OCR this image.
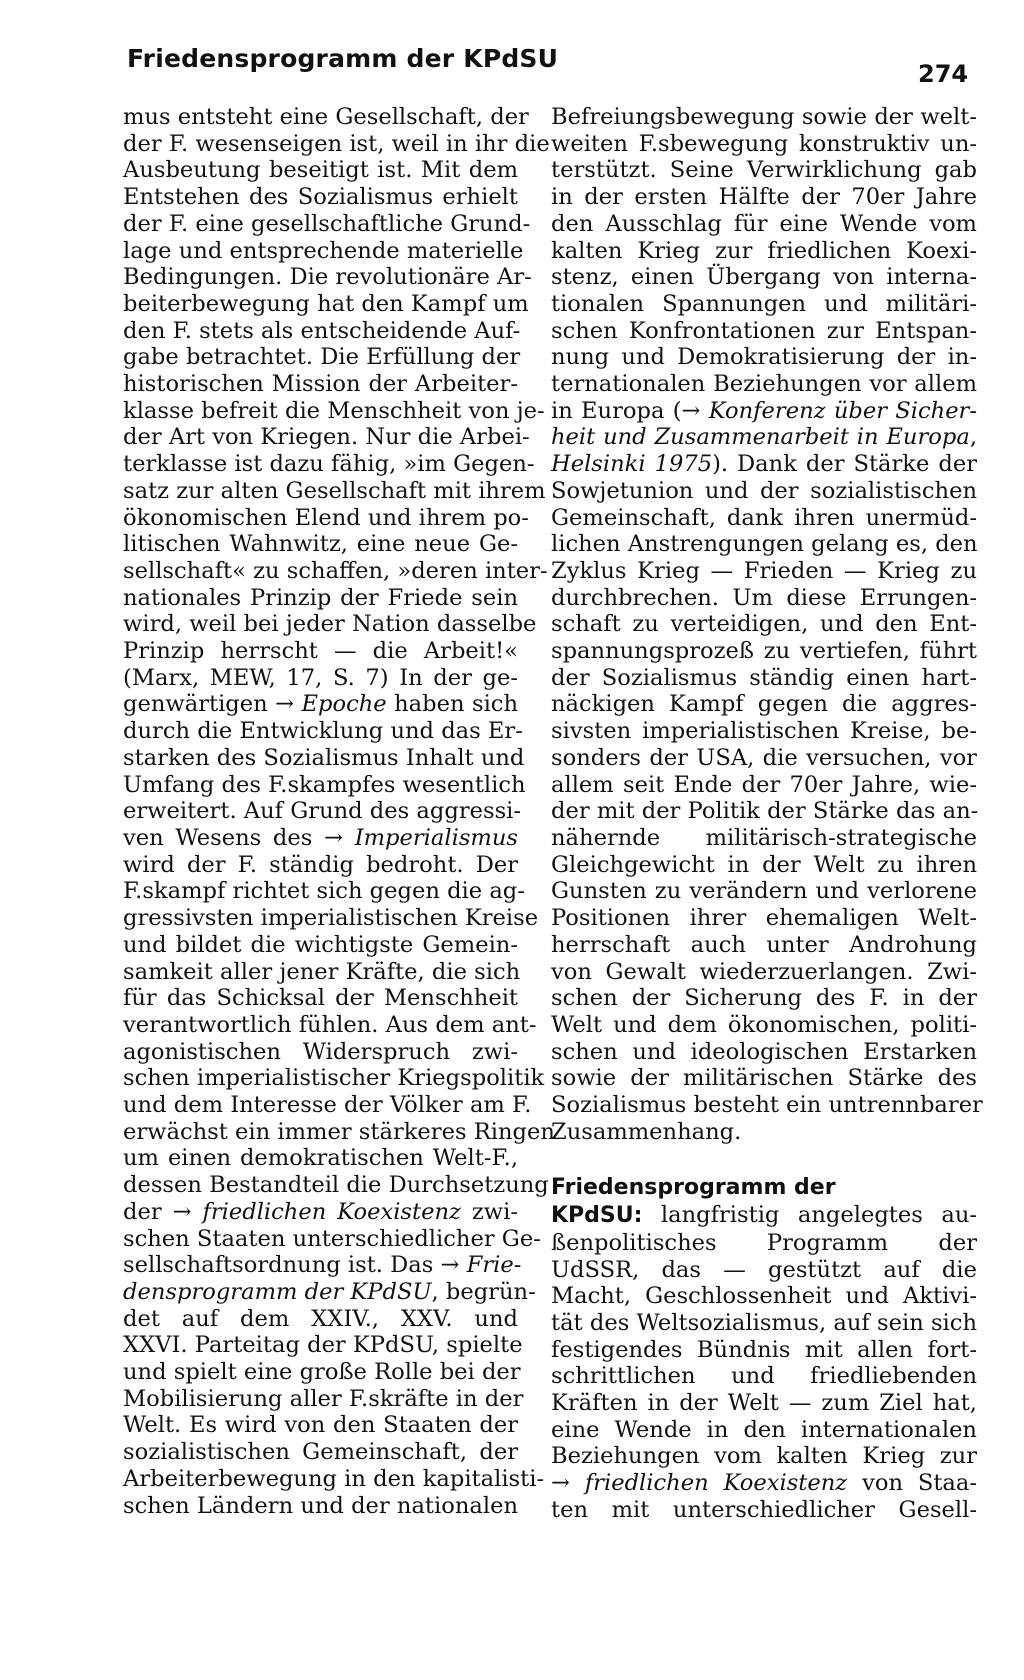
Friedensprogramm der KPdSU
274
mus entsteht eine Gesellschaft, der
der F. wesenseigen ist, weil in ihr die
Ausbeutung beseitigt ist. Mit dem
Entstehen des Sozialismus erhielt
der F. eine gesellschaftliche Grund-
lage und entsprechende materielle
Bedingungen. Die revolutionäre Ar-
beiterbewegung hat den Kampf um
den F. stets als entscheidende Auf-
gabe betrachtet. Die Erfüllung der
historischen Mission der Arbeiter-
klasse befreit die Menschheit von je-
der Art von Kriegen. Nur die Arbei-
terklasse ist dazu fähig, »im Gegen-
satz zur alten Gesellschaft mit ihrem
ökonomischen Elend und ihrem po-
litischen Wahnwitz, eine neue Ge-
sellschaft« zu schaffen, »deren inter-
nationales Prinzip der Friede sein
wird, weil bei jeder Nation dasselbe
Prinzip herrscht — die Arbeit!«
(Marx, MEW, 17, S. 7) In der ge-
genwärtigen → Epoche haben sich
durch die Entwicklung und das Er-
starken des Sozialismus Inhalt und
Umfang des F.skampfes wesentlich
erweitert. Auf Grund des aggressi-
ven Wesens des → Imperialismus
wird der F. ständig bedroht. Der
F.skampf richtet sich gegen die ag-
gressivsten imperialistischen Kreise
und bildet die wichtigste Gemein-
samkeit aller jener Kräfte, die sich
für das Schicksal der Menschheit
verantwortlich fühlen. Aus dem ant-
agonistischen Widerspruch zwi-
schen imperialistischer Kriegspolitik
und dem Interesse der Völker am F.
erwächst ein immer stärkeres Ringen
um einen demokratischen Welt-F.,
dessen Bestandteil die Durchsetzung
der → friedlichen Koexistenz zwi-
schen Staaten unterschiedlicher Ge-
sellschaftsordnung ist. Das → Frie-
densprogramm der KPdSU, begrün-
det auf dem XXIV., XXV. und
XXVI. Parteitag der KPdSU, spielte
und spielt eine große Rolle bei der
Mobilisierung aller F.skräfte in der
Welt. Es wird von den Staaten der
sozialistischen Gemeinschaft, der
Arbeiterbewegung in den kapitalisti-
schen Ländern und der nationalen
Befreiungsbewegung sowie der welt-
weiten F.sbewegung konstruktiv un-
terstützt. Seine Verwirklichung gab
in der ersten Hälfte der 70er Jahre
den Ausschlag für eine Wende vom
kalten Krieg zur friedlichen Koexi-
stenz, einen Übergang von interna-
tionalen Spannungen und militäri-
schen Konfrontationen zur Entspan-
nung und Demokratisierung der in-
ternationalen Beziehungen vor allem
in Europa (→ Konferenz über Sicher-
heit und Zusammenarbeit in Europa,
Helsinki 1975). Dank der Stärke der
Sowjetunion und der sozialistischen
Gemeinschaft, dank ihren unermüd-
lichen Anstrengungen gelang es, den
Zyklus Krieg — Frieden — Krieg zu
durchbrechen. Um diese Errungen-
schaft zu verteidigen, und den Ent-
spannungsprozeß zu vertiefen, führt
der Sozialismus ständig einen hart-
näckigen Kampf gegen die aggres-
sivsten imperialistischen Kreise, be-
sonders der USA, die versuchen, vor
allem seit Ende der 70er Jahre, wie-
der mit der Politik der Stärke das an-
nähernde militärisch-strategische
Gleichgewicht in der Welt zu ihren
Gunsten zu verändern und verlorene
Positionen ihrer ehemaligen Welt-
herrschaft auch unter Androhung
von Gewalt wiederzuerlangen. Zwi-
schen der Sicherung des F. in der
Welt und dem ökonomischen, politi-
schen und ideologischen Erstarken
sowie der militärischen Stärke des
Sozialismus besteht ein untrennbarer
Zusammenhang.
Friedensprogramm der
KPdSU: langfristig angelegtes au-
ßenpolitisches Programm der
UdSSR, das — gestützt auf die
Macht, Geschlossenheit und Aktivi-
tät des Weltsozialismus, auf sein sich
festigendes Bündnis mit allen fort-
schrittlichen und friedliebenden
Kräften in der Welt — zum Ziel hat,
eine Wende in den internationalen
Beziehungen vom kalten Krieg zur
→ friedlichen Koexistenz von Staa-
ten mit unterschiedlicher Gesell-
